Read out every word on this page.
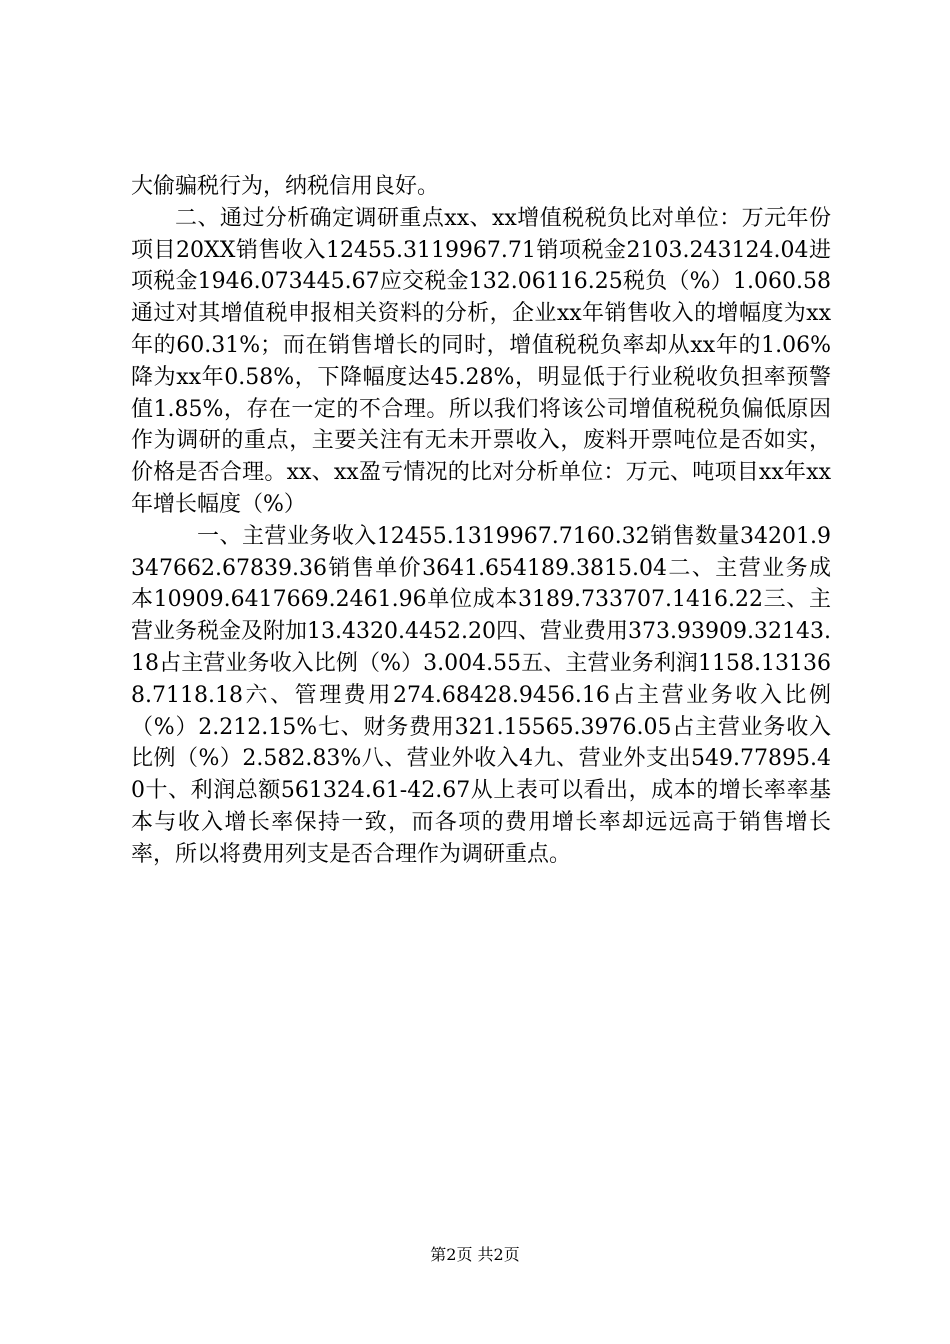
大偷骗税行为，纳税信用良好。

二、通过分析确定调研重点xx、xx增值税税负比对单位：万元年份项目20XX销售收入12455.3119967.71销项税金2103.243124.04进项税金1946.073445.67应交税金132.06116.25税负（%）1.060.58通过对其增值税申报相关资料的分析，企业xx年销售收入的增幅度为xx年的60.31%；而在销售增长的同时，增值税税负率却从xx年的1.06%降为xx年0.58%，下降幅度达45.28%，明显低于行业税收负担率预警值1.85%，存在一定的不合理。所以我们将该公司增值税税负偏低原因作为调研的重点，主要关注有无未开票收入，废料开票吨位是否如实，价格是否合理。xx、xx盈亏情况的比对分析单位：万元、吨项目xx年xx年增长幅度（%）

一、主营业务收入12455.1319967.7160.32销售数量34201.9347662.67839.36销售单价3641.654189.3815.04二、主营业务成本10909.6417669.2461.96单位成本3189.733707.1416.22三、主营业务税金及附加13.4320.4452.20四、营业费用373.93909.32143.18占主营业务收入比例（%）3.004.55五、主营业务利润1158.131368.7118.18六、管理费用274.68428.9456.16占主营业务收入比例（%）2.212.15%七、财务费用321.15565.3976.05占主营业务收入比例（%）2.582.83%八、营业外收入4九、营业外支出549.77895.40十、利润总额561324.61-42.67从上表可以看出，成本的增长率率基本与收入增长率保持一致，而各项的费用增长率却远远高于销售增长率，所以将费用列支是否合理作为调研重点。

第2页 共2页
